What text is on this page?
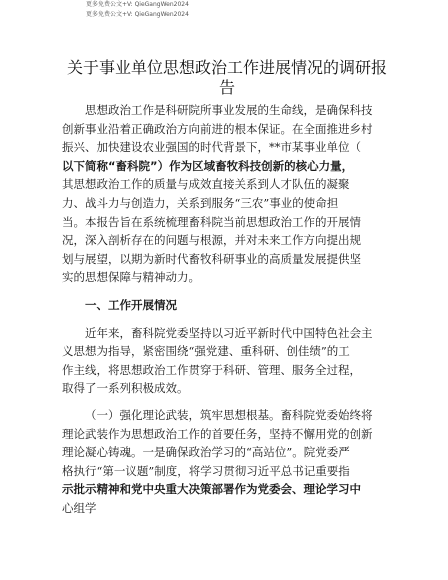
更多免费公文+V: QieGangWen2024
更多免费公文+V: QieGangWen2024
关于事业单位思想政治工作进展情况的调研报
告
思想政治工作是科研院所事业发展的生命线，是确保科技
创新事业沿着正确政治方向前进的根本保证。在全面推进乡村
振兴、加快建设农业强国的时代背景下，**市某事业单位（
以下简称“畜科院”）作为区域畜牧科技创新的核心力量，
其思想政治工作的质量与成效直接关系到人才队伍的凝聚
力、战斗力与创造力，关系到服务“三农”事业的使命担
当。本报告旨在系统梳理畜科院当前思想政治工作的开展情
况，深入剖析存在的问题与根源，并对未来工作方向提出规
划与展望，以期为新时代畜牧科研事业的高质量发展提供坚
实的思想保障与精神动力。
一、工作开展情况
近年来，畜科院党委坚持以习近平新时代中国特色社会主
义思想为指导，紧密围绕“强党建、重科研、创佳绩”的工
作主线，将思想政治工作贯穿于科研、管理、服务全过程，
取得了一系列积极成效。
（一）强化理论武装，筑牢思想根基。畜科院党委始终将
理论武装作为思想政治工作的首要任务，坚持不懈用党的创新
理论凝心铸魂。一是确保政治学习的“高站位”。院党委严
格执行“第一议题”制度，将学习贯彻习近平总书记重要指
示批示精神和党中央重大决策部署作为党委会、理论学习中
心组学
